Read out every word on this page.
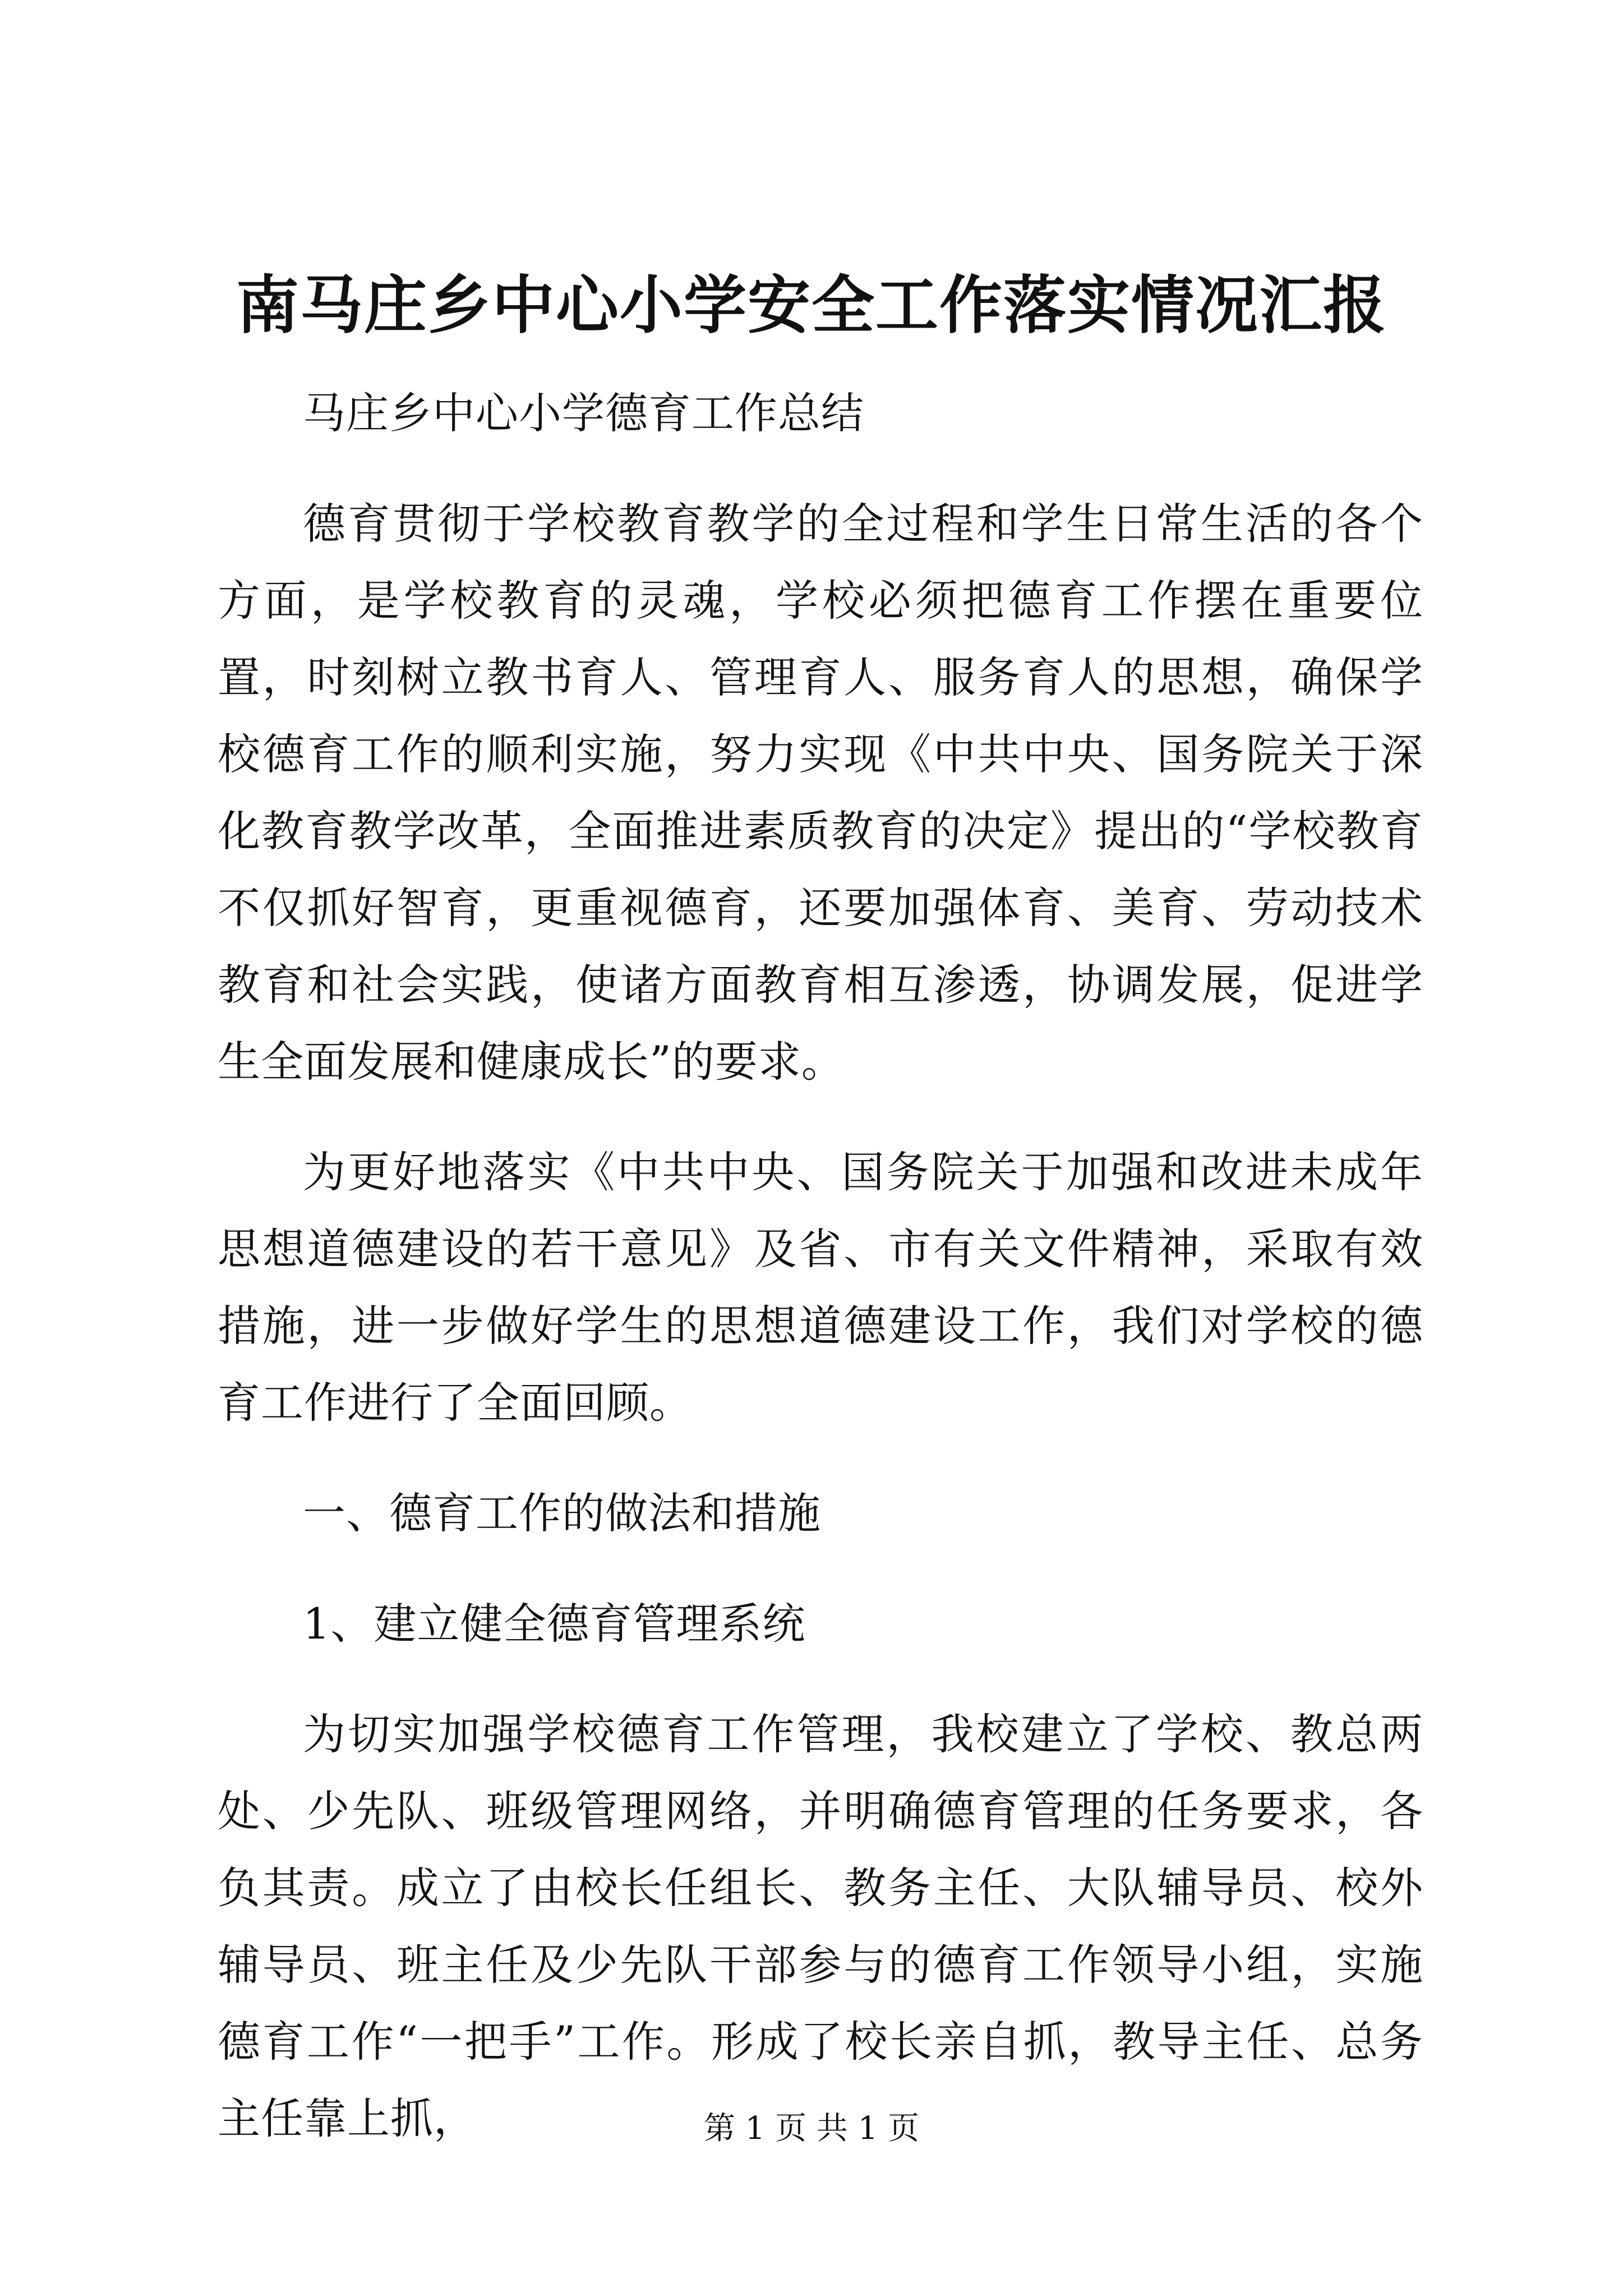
南马庄乡中心小学安全工作落实情况汇报

马庄乡中心小学德育工作总结

德育贯彻于学校教育教学的全过程和学生日常生活的各个方面，是学校教育的灵魂，学校必须把德育工作摆在重要位置，时刻树立教书育人、管理育人、服务育人的思想，确保学校德育工作的顺利实施，努力实现《中共中央、国务院关于深化教育教学改革，全面推进素质教育的决定》提出的“学校教育不仅抓好智育，更重视德育，还要加强体育、美育、劳动技术教育和社会实践，使诸方面教育相互渗透，协调发展，促进学生全面发展和健康成长”的要求。

为更好地落实《中共中央、国务院关于加强和改进未成年思想道德建设的若干意见》及省、市有关文件精神，采取有效措施，进一步做好学生的思想道德建设工作，我们对学校的德育工作进行了全面回顾。

一、德育工作的做法和措施

1、建立健全德育管理系统

为切实加强学校德育工作管理，我校建立了学校、教总两处、少先队、班级管理网络，并明确德育管理的任务要求，各负其责。成立了由校长任组长、教务主任、大队辅导员、校外辅导员、班主任及少先队干部参与的德育工作领导小组，实施德育工作“一把手”工作。形成了校长亲自抓，教导主任、总务主任靠上抓，	第 1 页 共 1 页
